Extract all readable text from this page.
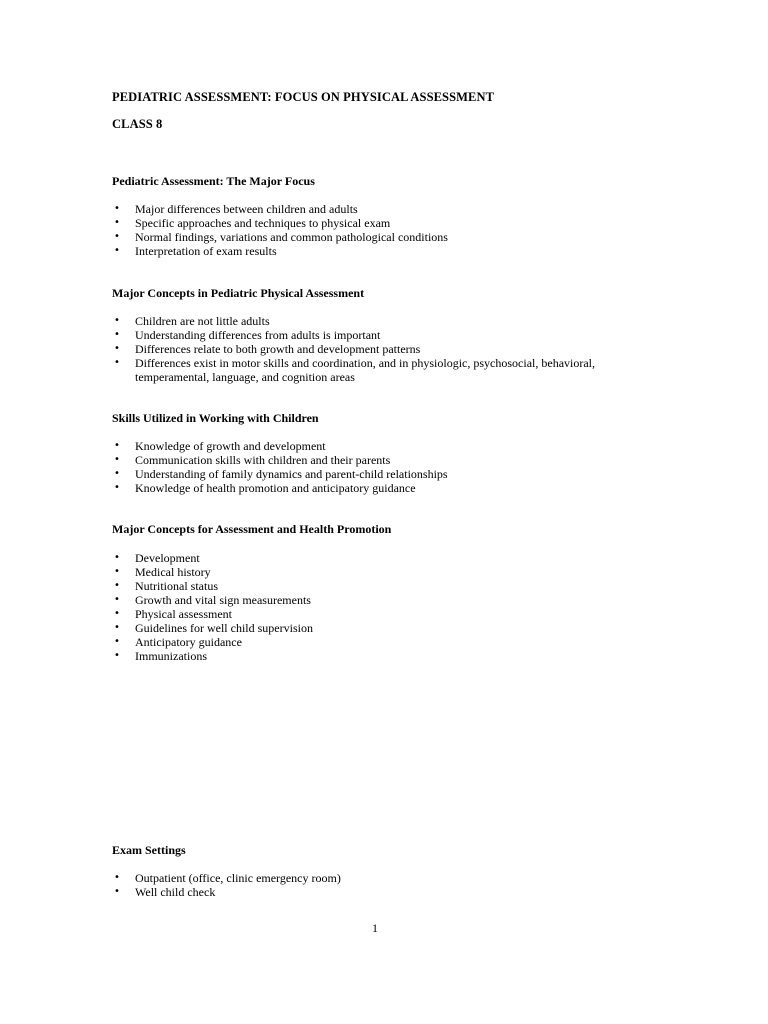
PEDIATRIC ASSESSMENT: FOCUS ON PHYSICAL ASSESSMENT
CLASS 8
Pediatric Assessment: The Major Focus
• Major differences between children and adults
• Specific approaches and techniques to physical exam
• Normal findings, variations and common pathological conditions
• Interpretation of exam results
Major Concepts in Pediatric Physical Assessment
• Children are not little adults
• Understanding differences from adults is important
• Differences relate to both growth and development patterns
• Differences exist in motor skills and coordination, and in physiologic, psychosocial, behavioral, temperamental, language, and cognition areas
Skills Utilized in Working with Children
• Knowledge of growth and development
• Communication skills with children and their parents
• Understanding of family dynamics and parent-child relationships
• Knowledge of health promotion and anticipatory guidance
Major Concepts for Assessment and Health Promotion
• Development
• Medical history
• Nutritional status
• Growth and vital sign measurements
• Physical assessment
• Guidelines for well child supervision
• Anticipatory guidance
• Immunizations
Exam Settings
• Outpatient (office, clinic emergency room)
• Well child check
1
